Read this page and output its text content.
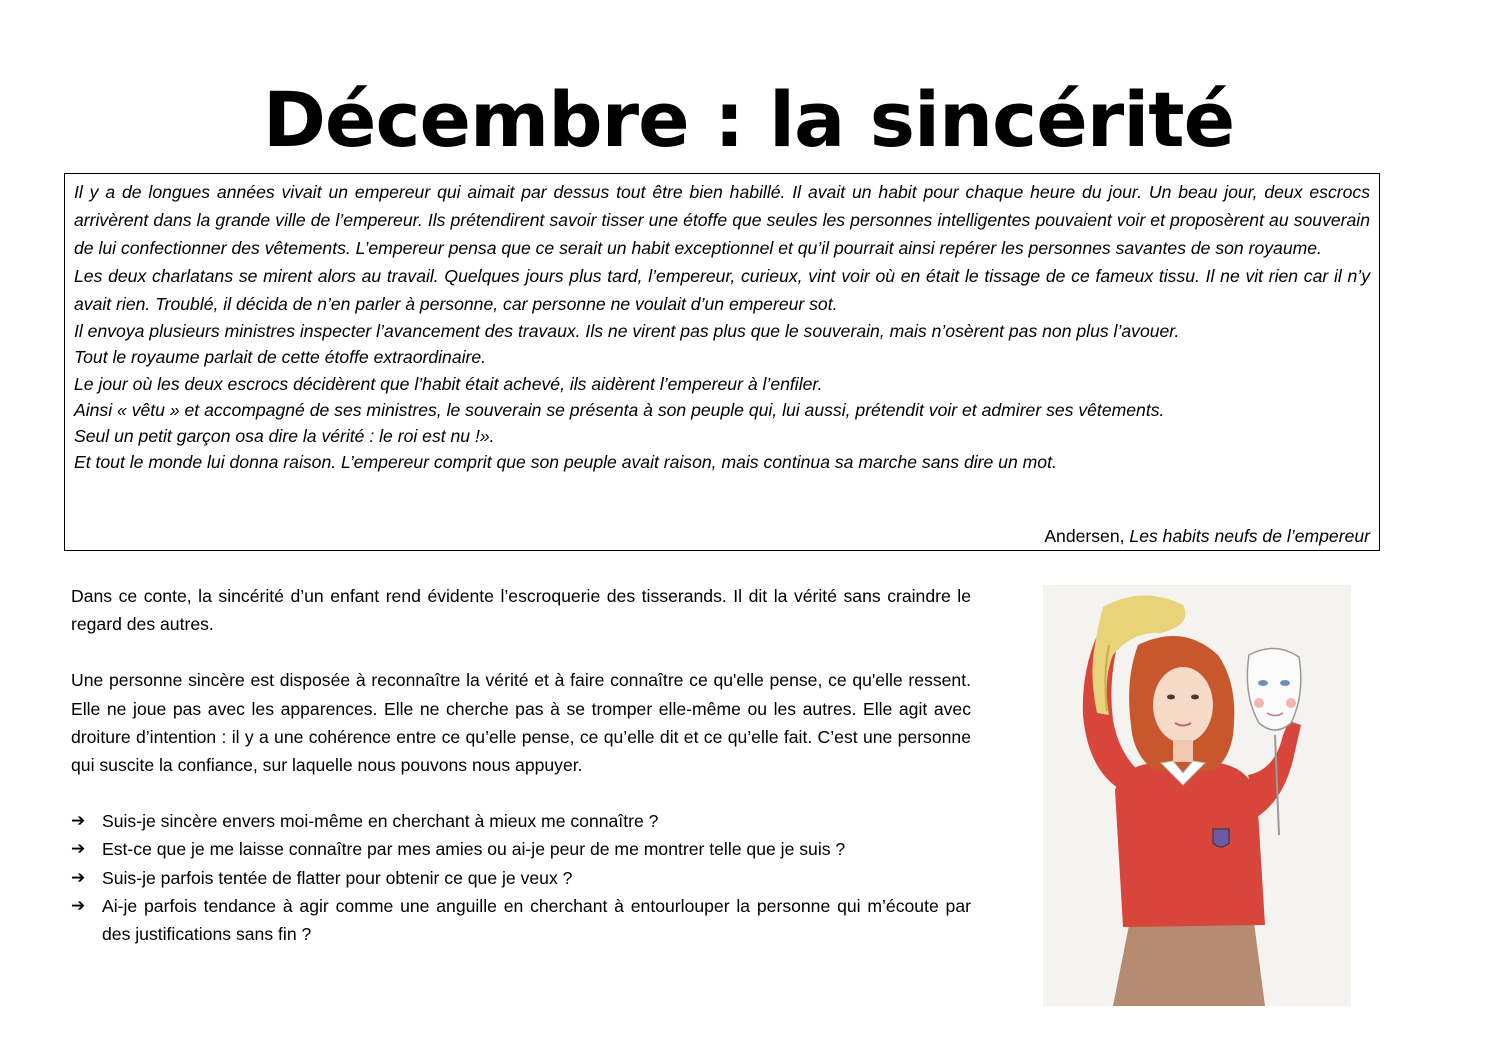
Décembre : la sincérité

Il y a de longues années vivait un empereur qui aimait par dessus tout être bien habillé. Il avait un habit pour chaque heure du jour. Un beau jour, deux escrocs arrivèrent dans la grande ville de l’empereur. Ils prétendirent savoir tisser une étoffe que seules les personnes intelligentes pouvaient voir et proposèrent au souverain de lui confectionner des vêtements. L’empereur pensa que ce serait un habit exceptionnel et qu’il pourrait ainsi repérer les personnes savantes de son royaume.

Les deux charlatans se mirent alors au travail. Quelques jours plus tard, l’empereur, curieux, vint voir où en était le tissage de ce fameux tissu. Il ne vit rien car il n’y avait rien. Troublé, il décida de n’en parler à personne, car personne ne voulait d’un empereur sot.

Il envoya plusieurs ministres inspecter l’avancement des travaux. Ils ne virent pas plus que le souverain, mais n’osèrent pas non plus l’avouer.

Tout le royaume parlait de cette étoffe extraordinaire.

Le jour où les deux escrocs décidèrent que l’habit était achevé, ils aidèrent l’empereur à l’enfiler.

Ainsi « vêtu » et accompagné de ses ministres, le souverain se présenta à son peuple qui, lui aussi, prétendit voir et admirer ses vêtements.

Seul un petit garçon osa dire la vérité : le roi est nu !».

Et tout le monde lui donna raison. L’empereur comprit que son peuple avait raison, mais continua sa marche sans dire un mot.

Andersen, Les habits neufs de l’empereur

Dans ce conte, la sincérité d’un enfant rend évidente l’escroquerie des tisserands. Il dit la vérité sans craindre le regard des autres.

Une personne sincère est disposée à reconnaître la vérité et à faire connaître ce qu'elle pense, ce qu'elle ressent. Elle ne joue pas avec les apparences. Elle ne cherche pas à se tromper elle-même ou les autres. Elle agit avec droiture d’intention : il y a une cohérence entre ce qu’elle pense, ce qu’elle dit et ce qu’elle fait. C’est une personne qui suscite la confiance, sur laquelle nous pouvons nous appuyer.

➔ Suis-je sincère envers moi-même en cherchant à mieux me connaître ?
➔ Est-ce que je me laisse connaître par mes amies ou ai-je peur de me montrer telle que je suis ?
➔ Suis-je parfois tentée de flatter pour obtenir ce que je veux ?
➔ Ai-je parfois tendance à agir comme une anguille en cherchant à entourlouper la personne qui m’écoute par des justifications sans fin ?
